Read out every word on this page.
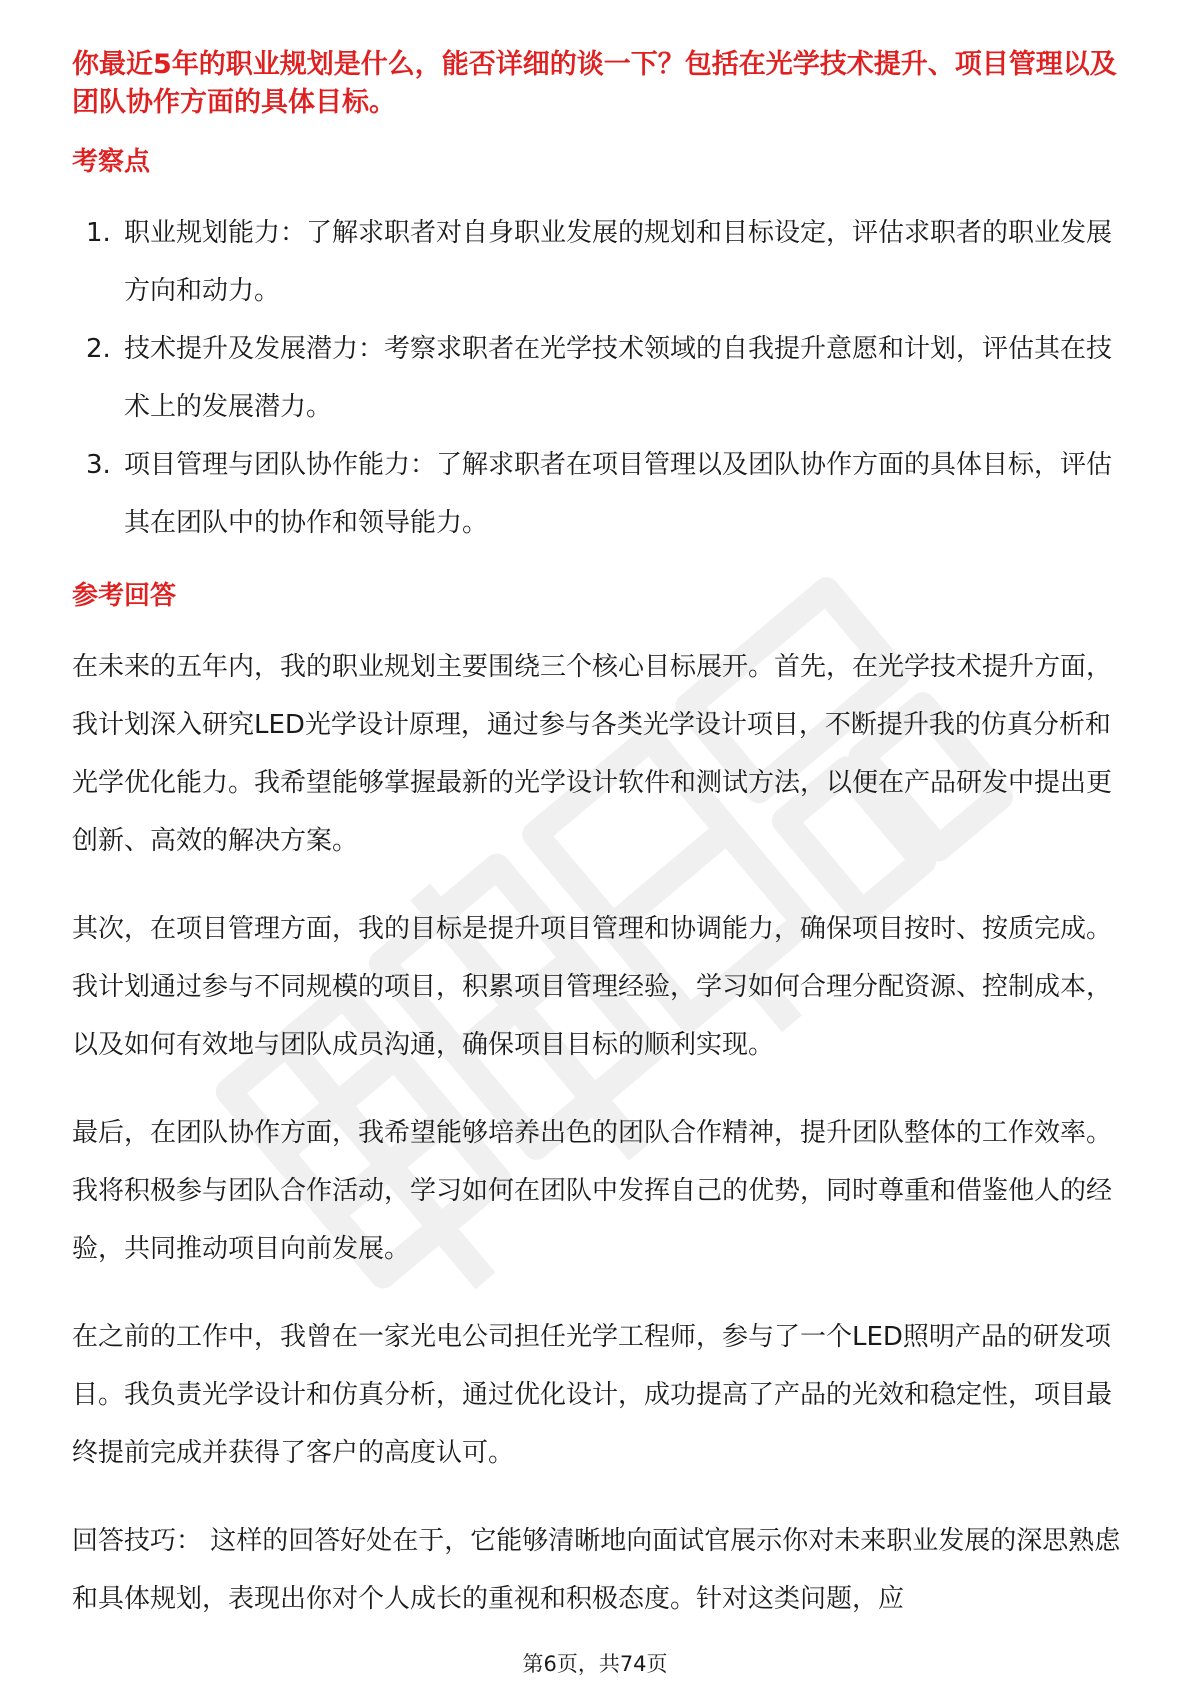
你最近5年的职业规划是什么，能否详细的谈一下？包括在光学技术提升、项目管理以及团队协作方面的具体目标。

考察点
1. 职业规划能力：了解求职者对自身职业发展的规划和目标设定，评估求职者的职业发展方向和动力。
2. 技术提升及发展潜力：考察求职者在光学技术领域的自我提升意愿和计划，评估其在技术上的发展潜力。
3. 项目管理与团队协作能力：了解求职者在项目管理以及团队协作方面的具体目标，评估其在团队中的协作和领导能力。
参考回答

在未来的五年内，我的职业规划主要围绕三个核心目标展开。首先，在光学技术提升方面，我计划深入研究LED光学设计原理，通过参与各类光学设计项目，不断提升我的仿真分析和光学优化能力。我希望能够掌握最新的光学设计软件和测试方法，以便在产品研发中提出更创新、高效的解决方案。

其次，在项目管理方面，我的目标是提升项目管理和协调能力，确保项目按时、按质完成。我计划通过参与不同规模的项目，积累项目管理经验，学习如何合理分配资源、控制成本，以及如何有效地与团队成员沟通，确保项目目标的顺利实现。

最后，在团队协作方面，我希望能够培养出色的团队合作精神，提升团队整体的工作效率。我将积极参与团队合作活动，学习如何在团队中发挥自己的优势，同时尊重和借鉴他人的经验，共同推动项目向前发展。

在之前的工作中，我曾在一家光电公司担任光学工程师，参与了一个LED照明产品的研发项目。我负责光学设计和仿真分析，通过优化设计，成功提高了产品的光效和稳定性，项目最终提前完成并获得了客户的高度认可。

回答技巧： 这样的回答好处在于，它能够清晰地向面试官展示你对未来职业发展的深思熟虑和具体规划，表现出你对个人成长的重视和积极态度。针对这类问题，应

第6页，共74页
